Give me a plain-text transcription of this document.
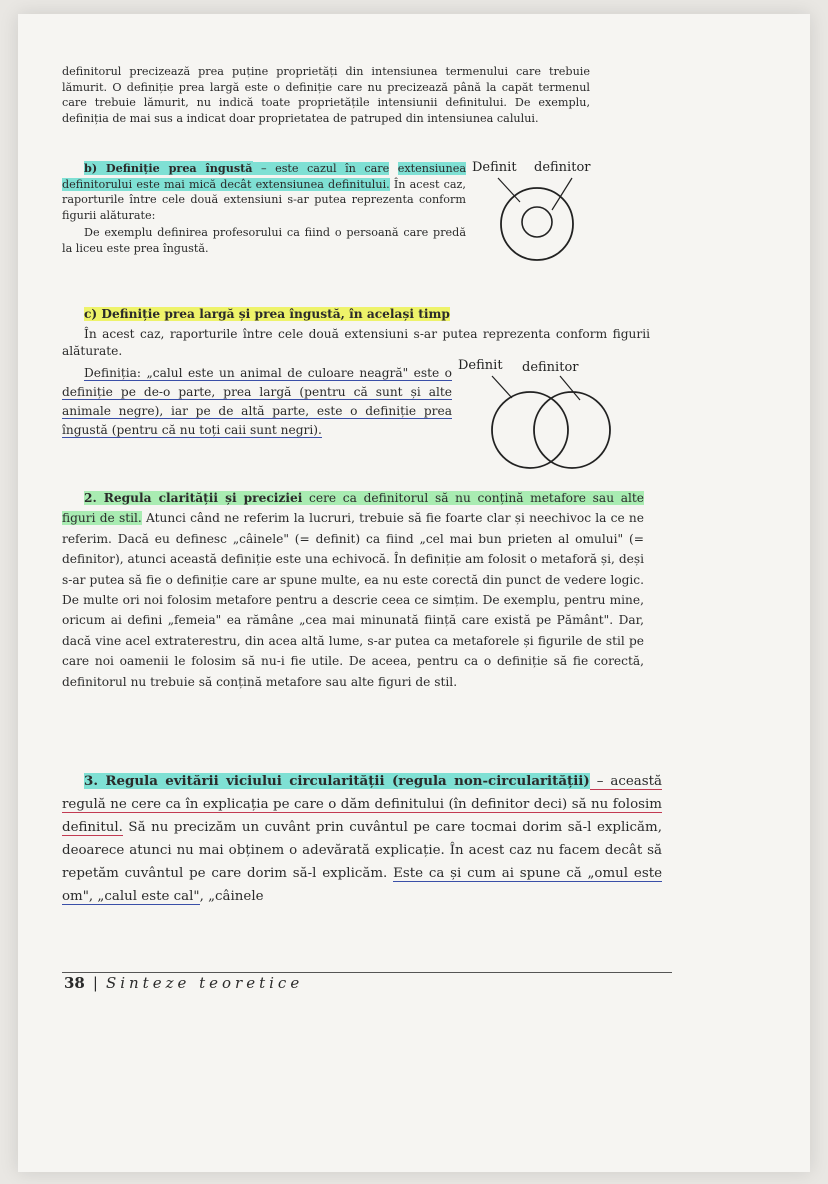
definitorul precizează prea puține proprietăți din intensiunea termenului care trebuie lămurit. O definiție prea largă este o definiție care nu precizează până la capăt termenul care trebuie lămurit, nu indică toate proprietățile intensiunii definitului. De exemplu, definiția de mai sus a indicat doar proprietatea de patruped din intensiunea calului.

b) Definiție prea îngustă – este cazul în care extensiunea definitorului este mai mică decât extensiunea definitului. În acest caz, raporturile între cele două extensiuni s-ar putea reprezenta conform figurii alăturate:

De exemplu definirea profesorului ca fiind o persoană care predă la liceu este prea îngustă.

Definit definitor

c) Definiție prea largă și prea îngustă, în același timp

În acest caz, raporturile între cele două extensiuni s-ar putea reprezenta conform figurii alăturate.

Definiția: „calul este un animal de culoare neagră" este o definiție pe de-o parte, prea largă (pentru că sunt și alte animale negre), iar pe de altă parte, este o definiție prea îngustă (pentru că nu toți caii sunt negri).

Definit definitor

2. Regula clarității și preciziei cere ca definitorul să nu conțină metafore sau alte figuri de stil. Atunci când ne referim la lucruri, trebuie să fie foarte clar și neechivoc la ce ne referim. Dacă eu definesc „câinele" (= definit) ca fiind „cel mai bun prieten al omului" (= definitor), atunci această definiție este una echivocă. În definiție am folosit o metaforă și, deși s-ar putea să fie o definiție care ar spune multe, ea nu este corectă din punct de vedere logic. De multe ori noi folosim metafore pentru a descrie ceea ce simțim. De exemplu, pentru mine, oricum ai defini „femeia" ea rămâne „cea mai minunată ființă care există pe Pământ". Dar, dacă vine acel extraterestru, din acea altă lume, s-ar putea ca metaforele și figurile de stil pe care noi oamenii le folosim să nu-i fie utile. De aceea, pentru ca o definiție să fie corectă, definitorul nu trebuie să conțină metafore sau alte figuri de stil.

3. Regula evitării viciului circularității (regula non-circularității) – această regulă ne cere ca în explicația pe care o dăm definitului (în definitor deci) să nu folosim definitul. Să nu precizăm un cuvânt prin cuvântul pe care tocmai dorim să-l explicăm, deoarece atunci nu mai obținem o adevărată explicație. În acest caz nu facem decât să repetăm cuvântul pe care dorim să-l explicăm. Este ca și cum ai spune că „omul este om", „calul este cal", „câinele

38 | Sinteze teoretice
